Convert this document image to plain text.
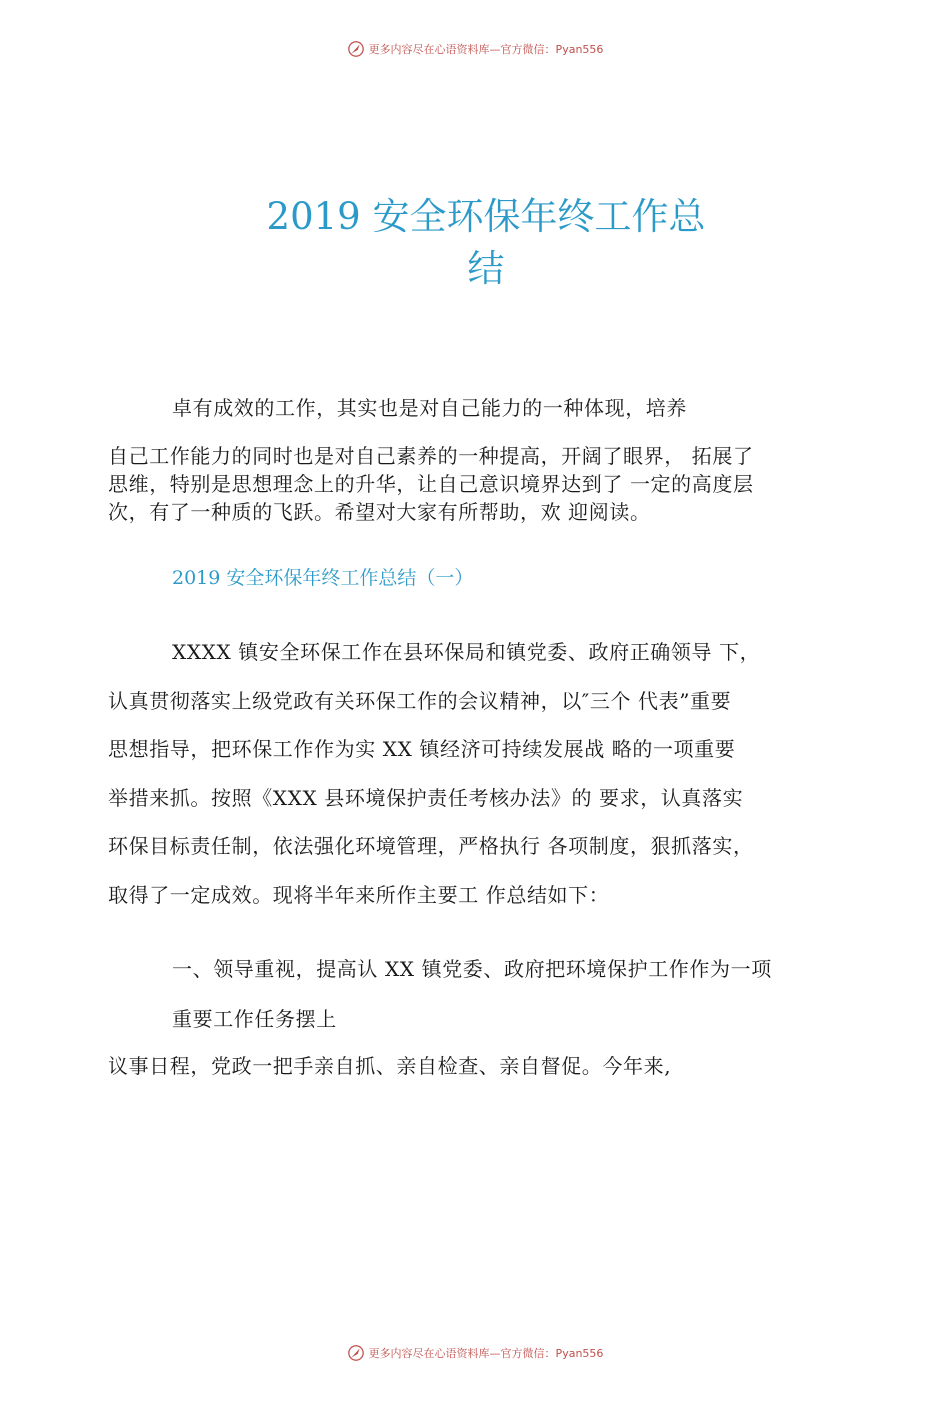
更多内容尽在心语资料库—官方微信：Pyan556
2019 安全环保年终工作总
结
卓有成效的工作，其实也是对自己能力的一种体现，培养
自己工作能力的同时也是对自己素养的一种提高，开阔了眼界， 拓展了
思维，特别是思想理念上的升华，让自己意识境界达到了 一定的高度层
次，有了一种质的飞跃。希望对大家有所帮助，欢 迎阅读。
2019 安全环保年终工作总结（一）
XXXX 镇安全环保工作在县环保局和镇党委、政府正确领导 下，
认真贯彻落实上级党政有关环保工作的会议精神，以″三个 代表”重要
思想指导，把环保工作作为实 XX 镇经济可持续发展战 略的一项重要
举措来抓。按照《XXX 县环境保护责任考核办法》的 要求，认真落实
环保目标责任制，依法强化环境管理，严格执行 各项制度，狠抓落实，
取得了一定成效。现将半年来所作主要工 作总结如下：
一、领导重视，提高认 XX 镇党委、政府把环境保护工作作为一项
重要工作任务摆上
议事日程，党政一把手亲自抓、亲自检查、亲自督促。今年来,
更多内容尽在心语资料库—官方微信：Pyan556
